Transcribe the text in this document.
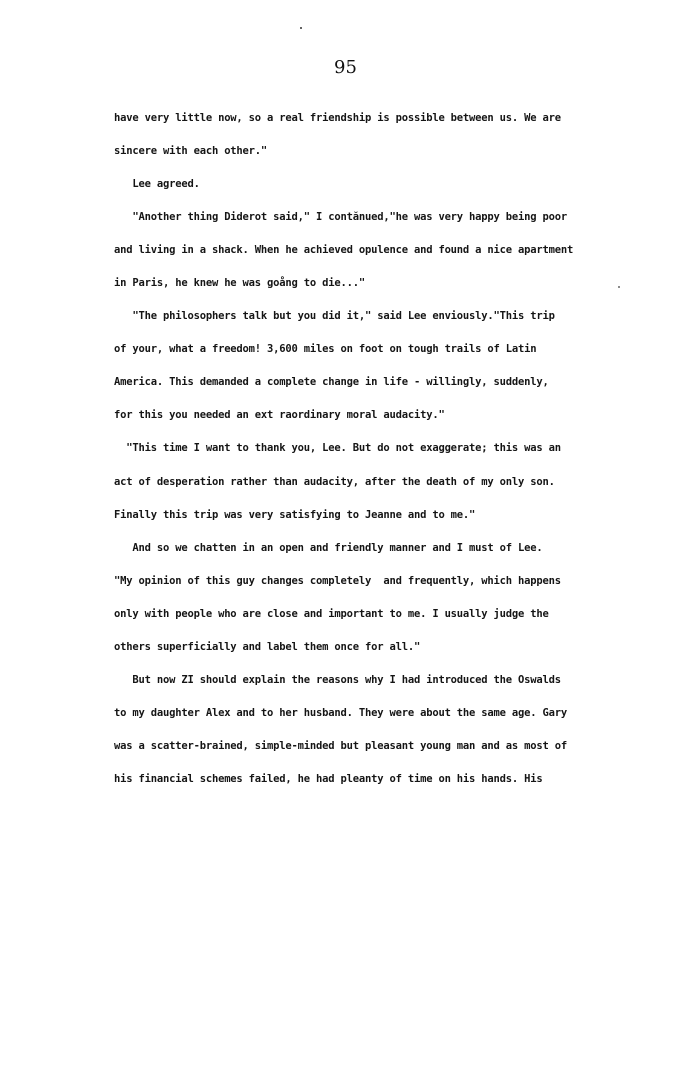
95
have very little now, so a real friendship is possible between us. We are
sincere with each other."
Lee agreed.
"Another thing Diderot said," I contănued,"he was very happy being poor
and living in a shack. When he achieved opulence and found a nice apartment
in Paris, he knew he was goång to die..."
"The philosophers talk but you did it," said Lee enviously."This trip
of your, what a freedom! 3,600 miles on foot on tough trails of Latin
America. This demanded a complete change in life - willingly, suddenly,
for this you needed an ext raordinary moral audacity."
"This time I want to thank you, Lee. But do not exaggerate; this was an
act of desperation rather than audacity, after the death of my only son.
Finally this trip was very satisfying to Jeanne and to me."
And so we chatten in an open and friendly manner and I must of Lee.
"My opinion of this guy changes completely  and frequently, which happens
only with people who are close and important to me. I usually judge the
others superficially and label them once for all."
But now ZI should explain the reasons why I had introduced the Oswalds
to my daughter Alex and to her husband. They were about the same age. Gary
was a scatter-brained, simple-minded but pleasant young man and as most of
his financial schemes failed, he had pleanty of time on his hands. His
